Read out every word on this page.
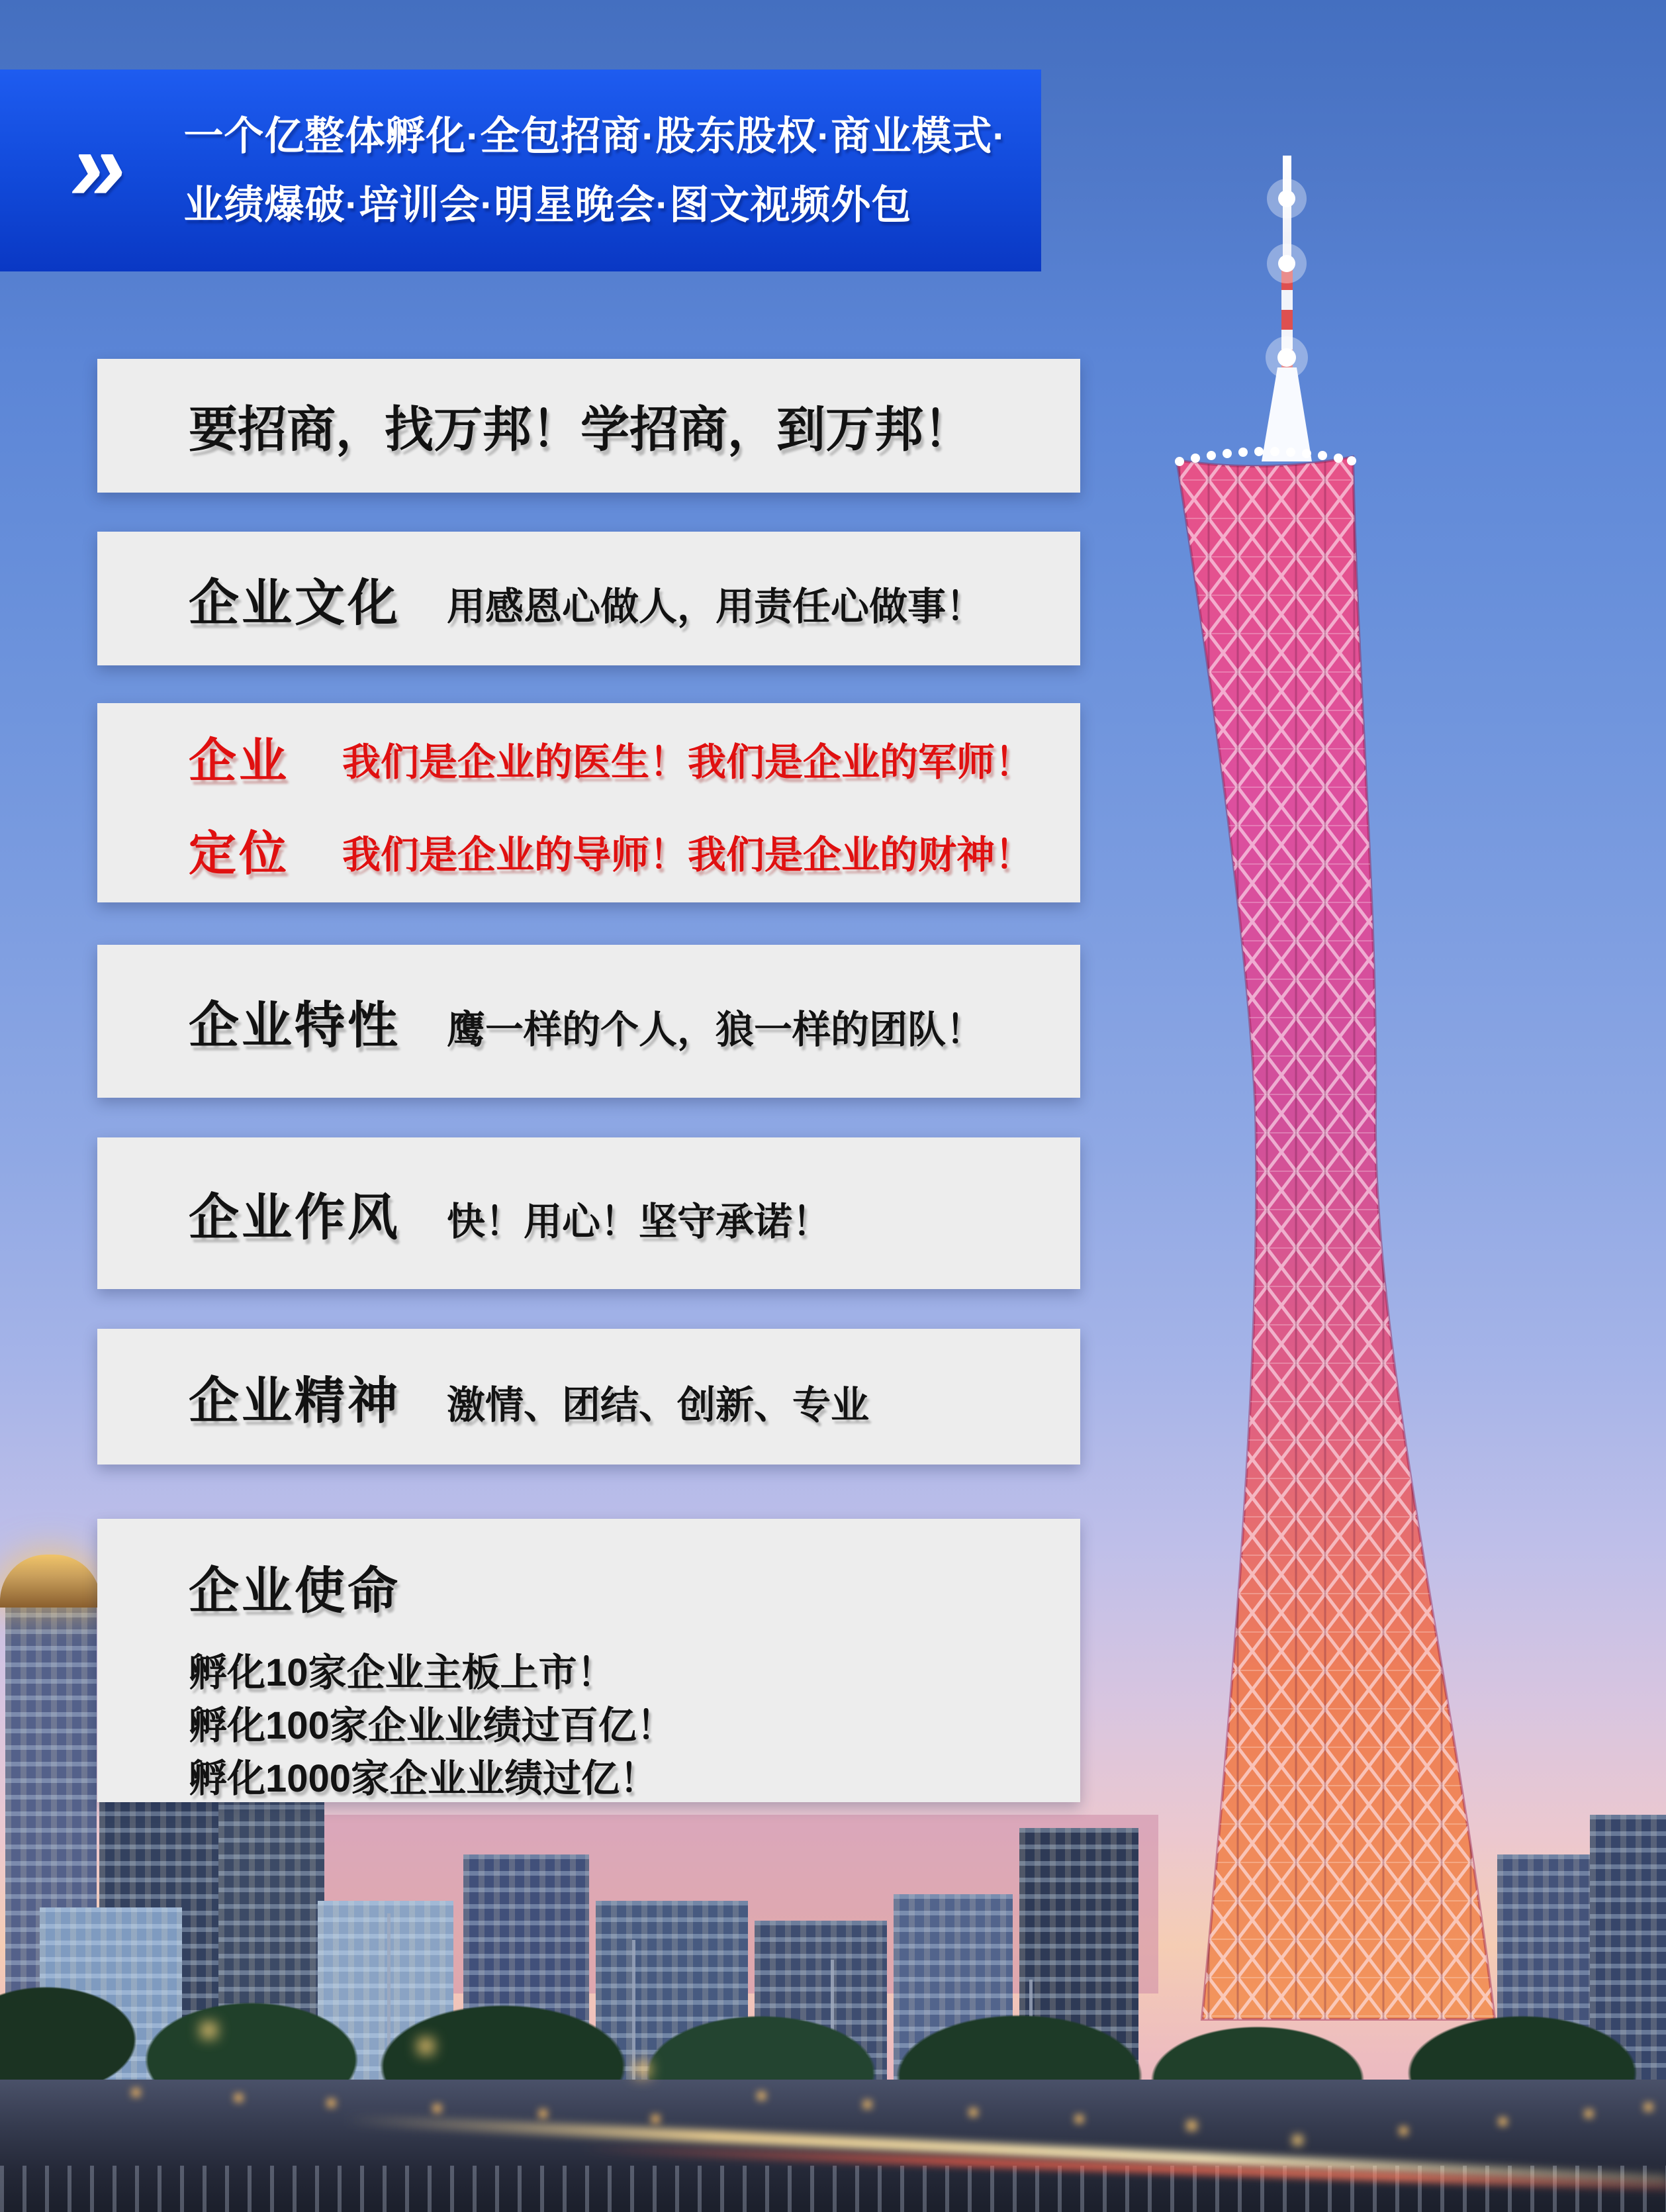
» 一个亿整体孵化·全包招商·股东股权·商业模式·
业绩爆破·培训会·明星晚会·图文视频外包
要招商，找万邦！学招商，到万邦！
企业文化 用感恩心做人，用责任心做事！
企业 我们是企业的医生！我们是企业的军师！
定位 我们是企业的导师！我们是企业的财神！
企业特性 鹰一样的个人，狼一样的团队！
企业作风 快！用心！坚守承诺！
企业精神 激情、团结、创新、专业
企业使命
孵化10家企业主板上市！
孵化100家企业业绩过百亿！
孵化1000家企业业绩过亿！
